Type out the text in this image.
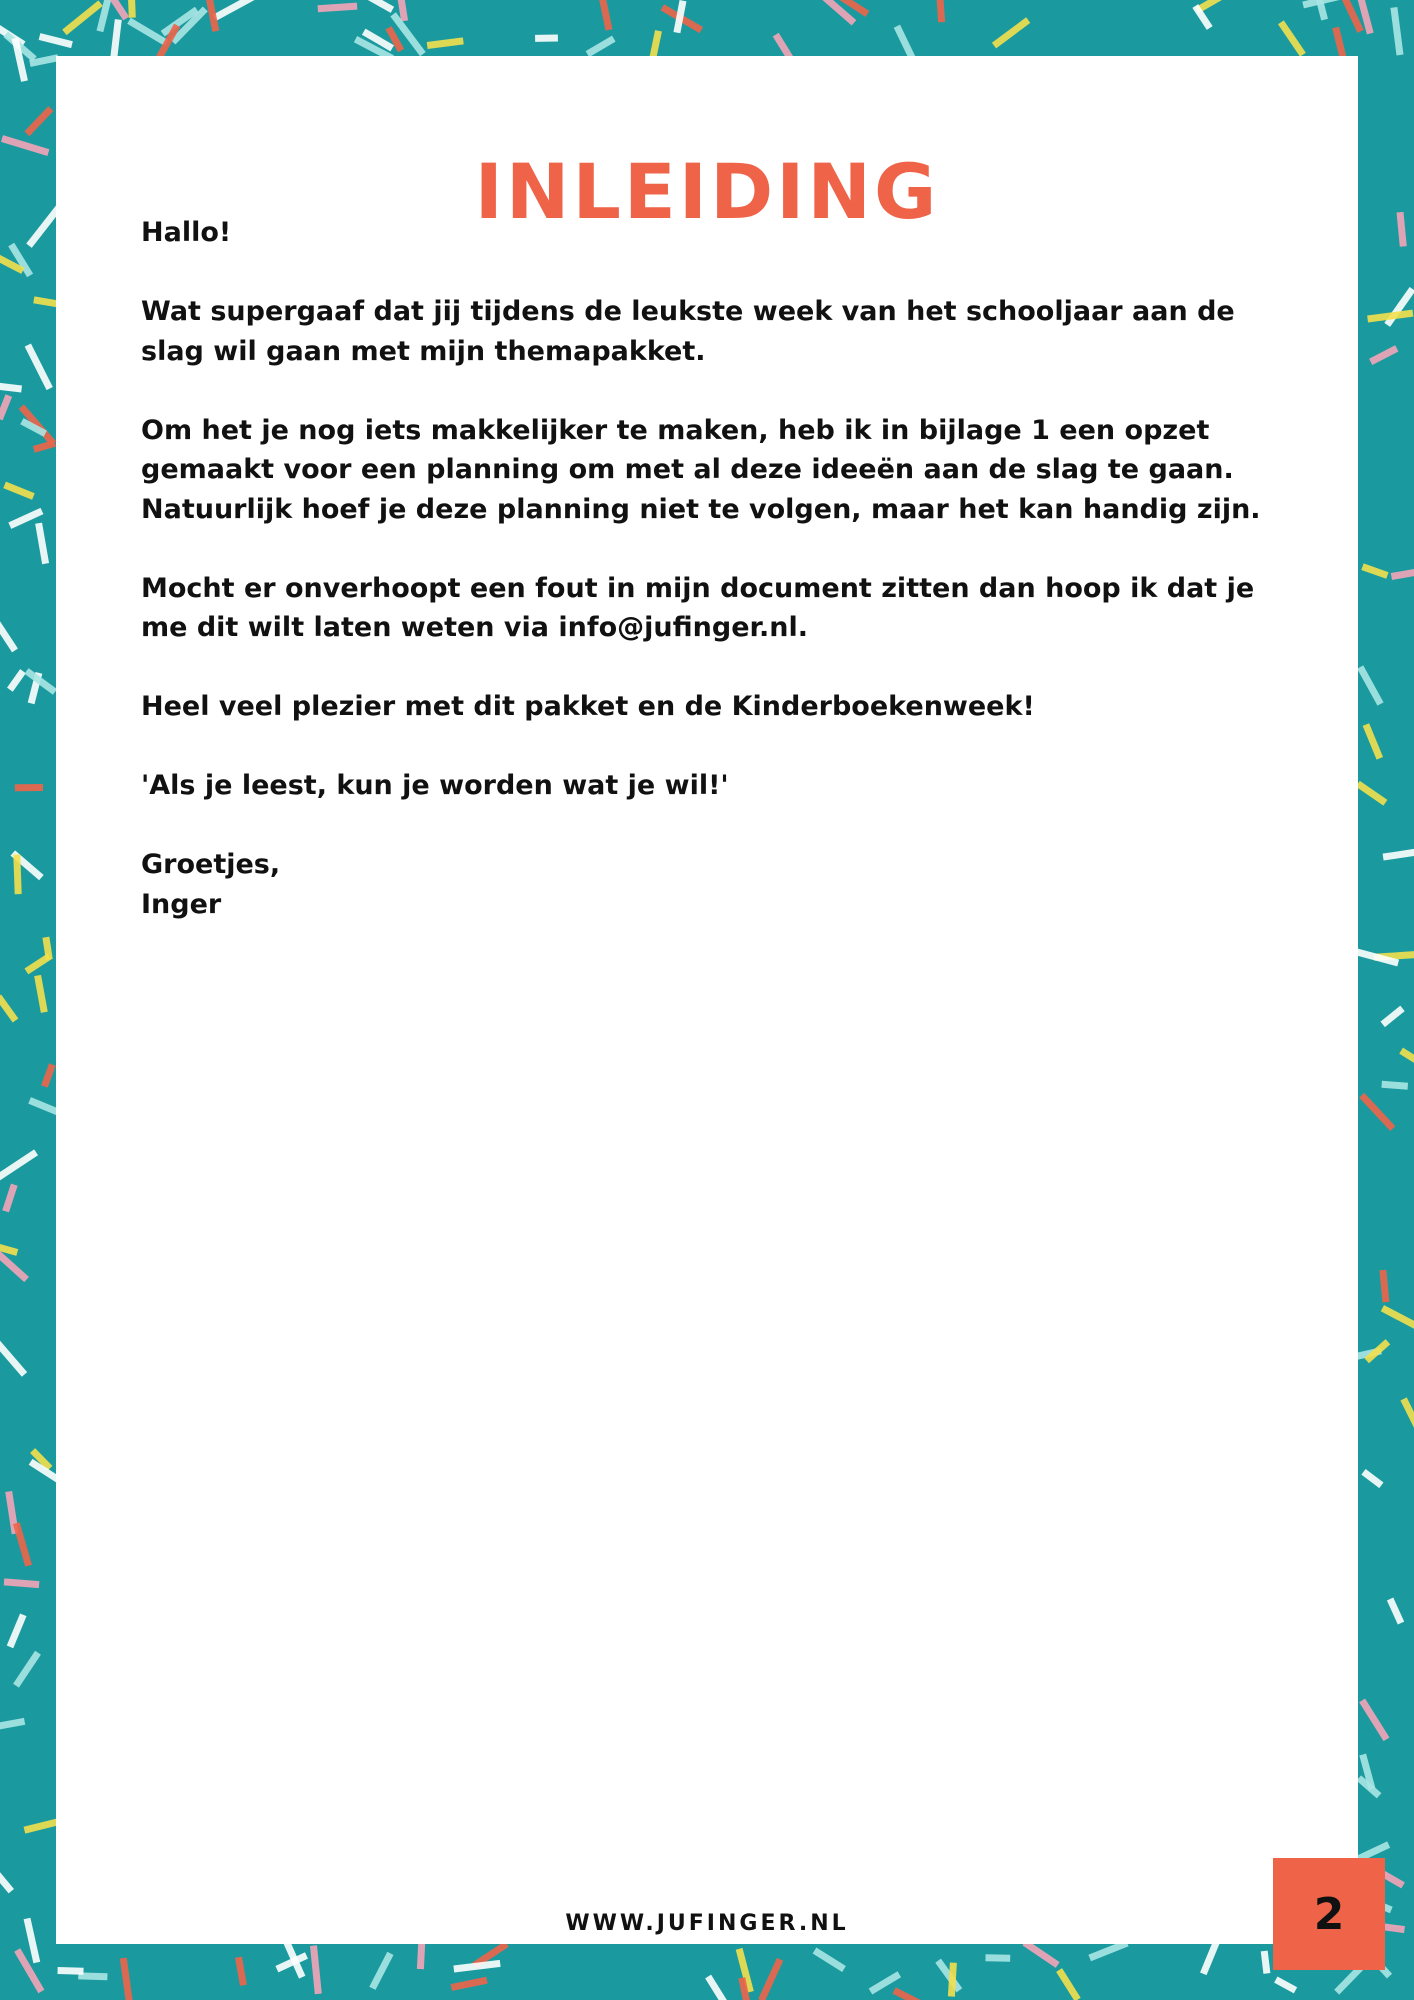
INLEIDING

Hallo!

Wat supergaaf dat jij tijdens de leukste week van het schooljaar aan de slag wil gaan met mijn themapakket.

Om het je nog iets makkelijker te maken, heb ik in bijlage 1 een opzet gemaakt voor een planning om met al deze ideeën aan de slag te gaan. Natuurlijk hoef je deze planning niet te volgen, maar het kan handig zijn.

Mocht er onverhoopt een fout in mijn document zitten dan hoop ik dat je me dit wilt laten weten via info@jufinger.nl.

Heel veel plezier met dit pakket en de Kinderboekenweek!

'Als je leest, kun je worden wat je wil!'

Groetjes,

Inger

WWW.JUFINGER.NL	2
